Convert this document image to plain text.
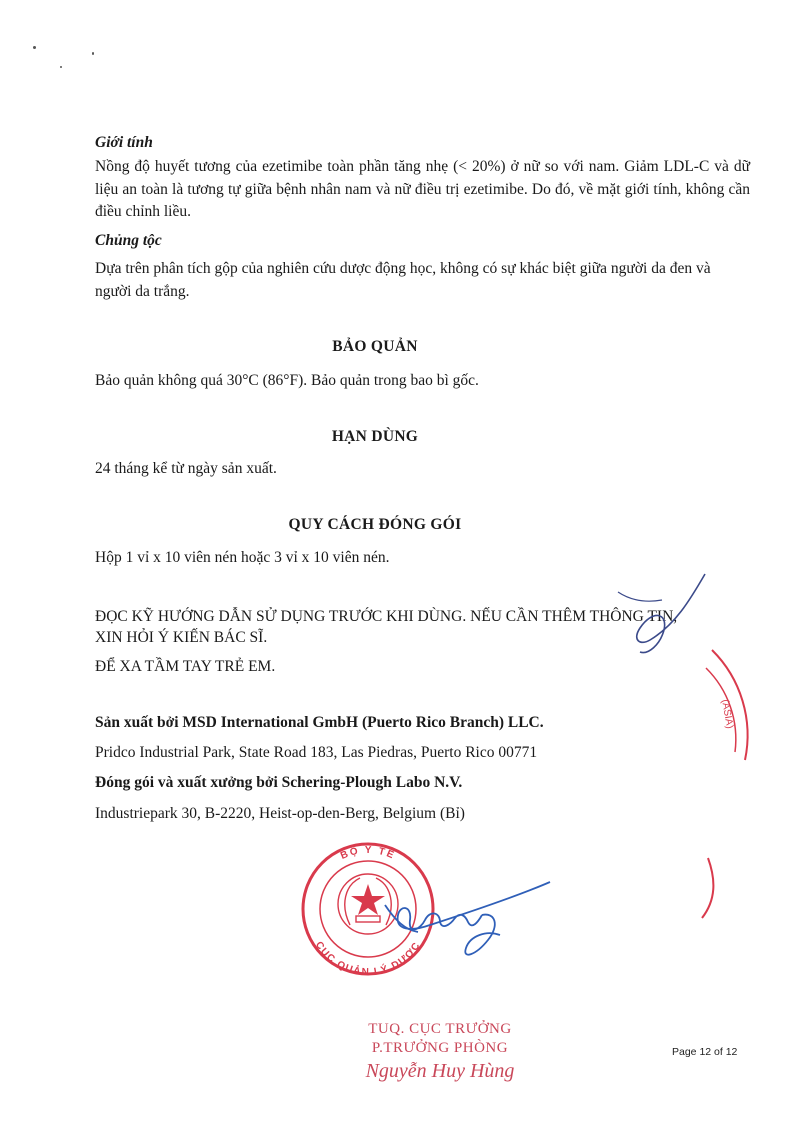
Giới tính

Nồng độ huyết tương của ezetimibe toàn phần tăng nhẹ (< 20%) ở nữ so với nam. Giảm LDL-C và dữ liệu an toàn là tương tự giữa bệnh nhân nam và nữ điều trị ezetimibe. Do đó, về mặt giới tính, không cần điều chỉnh liều.

Chủng tộc

Dựa trên phân tích gộp của nghiên cứu dược động học, không có sự khác biệt giữa người da đen và người da trắng.

BẢO QUẢN

Bảo quản không quá 30°C (86°F). Bảo quản trong bao bì gốc.

HẠN DÙNG

24 tháng kể từ ngày sản xuất.

QUY CÁCH ĐÓNG GÓI

Hộp 1 vỉ x 10 viên nén hoặc 3 vỉ x 10 viên nén.

ĐỌC KỸ HƯỚNG DẪN SỬ DỤNG TRƯỚC KHI DÙNG. NẾU CẦN THÊM THÔNG TIN,

XIN HỎI Ý KIẾN BÁC SĨ.

ĐỂ XA TẦM TAY TRẺ EM.

Sản xuất bởi MSD International GmbH (Puerto Rico Branch) LLC.

Pridco Industrial Park, State Road 183, Las Piedras, Puerto Rico 00771

Đóng gói và xuất xưởng bởi Schering-Plough Labo N.V.

Industriepark 30, B-2220, Heist-op-den-Berg, Belgium (Bỉ)

(ASIA)
BỘ Y TẾ
CỤC QUẢN LÝ DƯỢC

TUQ. CỤC TRƯỞNG

P.TRƯỞNG PHÒNG

Nguyễn Huy Hùng

Page 12 of 12
